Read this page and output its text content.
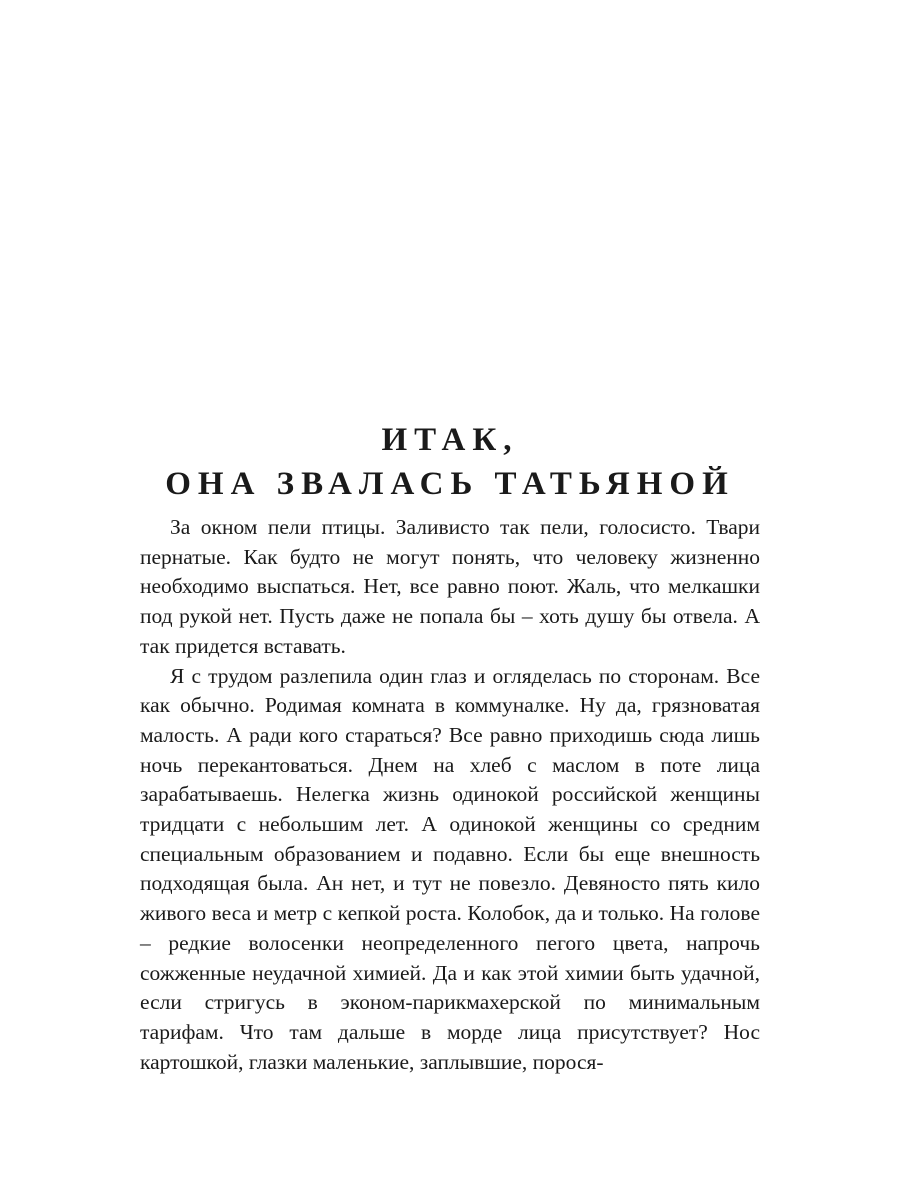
ИТАК,
ОНА ЗВАЛАСЬ ТАТЬЯНОЙ

За окном пели птицы. Заливисто так пели, голосисто. Твари пернатые. Как будто не могут понять, что человеку жизненно необходимо выспаться. Нет, все равно поют. Жаль, что мелкашки под рукой нет. Пусть даже не попала бы – хоть душу бы отвела. А так придется вставать.

Я с трудом разлепила один глаз и огляделась по сторонам. Все как обычно. Родимая комната в коммуналке. Ну да, грязноватая малость. А ради кого стараться? Все равно приходишь сюда лишь ночь перекантоваться. Днем на хлеб с маслом в поте лица зарабатываешь. Нелегка жизнь одинокой российской женщины тридцати с небольшим лет. А одинокой женщины со средним специальным образованием и подавно. Если бы еще внешность подходящая была. Ан нет, и тут не повезло. Девяносто пять кило живого веса и метр с кепкой роста. Колобок, да и только. На голове – редкие волосенки неопределенного пегого цвета, напрочь сожженные неудачной химией. Да и как этой химии быть удачной, если стригусь в эконом-парикмахерской по минимальным тарифам. Что там дальше в морде лица присутствует? Нос картошкой, глазки маленькие, заплывшие, порося-
